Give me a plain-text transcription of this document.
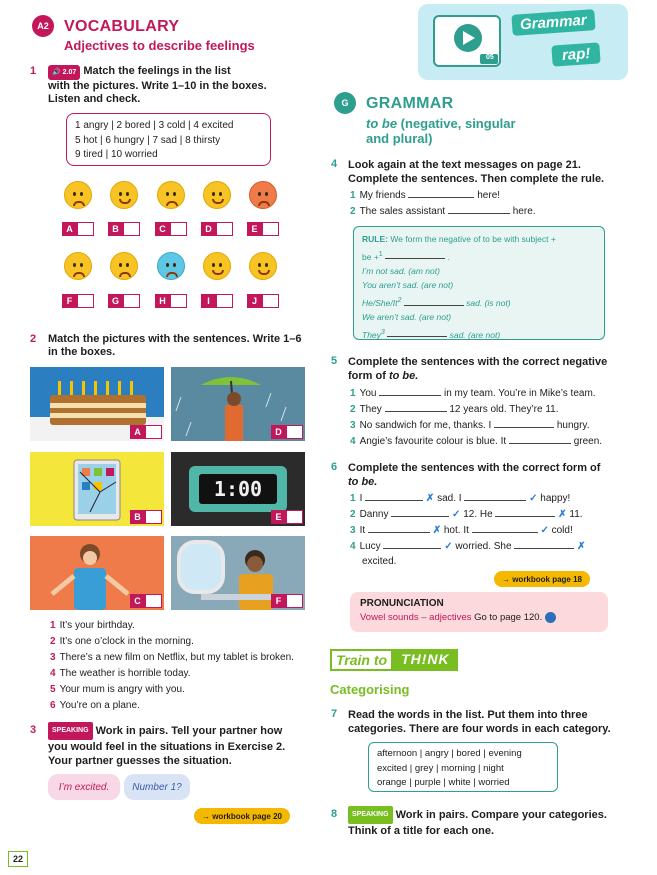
A2 VOCABULARY
Adjectives to describe feelings
1	🔊 2.07 Match the feelings in the list
with the pictures. Write 1–10 in the boxes.
Listen and check.
1 angry | 2 bored | 3 cold | 4 excited
5 hot | 6 hungry | 7 sad | 8 thirsty
9 tired | 10 worried
A	B	C	D	E
F	G	H	I	J
2 Match the pictures with the sentences. Write 1–6
in the boxes.
A	D
B
1:00
E
C	F
1 It’s your birthday.
2 It’s one o’clock in the morning.
3 There’s a new film on Netflix, but my tablet is broken.
4 The weather is horrible today.
5 Your mum is angry with you.
6 You’re on a plane.
3	SPEAKING Work in pairs. Tell your partner how
you would feel in the situations in Exercise 2.
Your partner guesses the situation.
I’m excited.	Number 1?
→ workbook page 20
22
05
Grammar
rap!
G	GRAMMAR
to be (negative, singular
and plural)
4 Look again at the text messages on page 21.
Complete the sentences. Then complete the rule.
1 My friends	here!
2 The sales assistant	here.
RULE: We form the negative of to be with subject +
be +$^1$	.
I’m not sad. (am not)
You aren’t sad. (are not)
He/She/It$^2$	sad. (is not)
We aren’t sad. (are not)
They$^3$	sad. (are not)
5 Complete the sentences with the correct negative
form of to be.
1 You	in my team. You’re in Mike’s team.
2 They	12 years old. They’re 11.
3 No sandwich for me, thanks. I	hungry.
4 Angie’s favourite colour is blue. It	green.
6 Complete the sentences with the correct form of
to be.
1 I	✗ sad. I	✓ happy!
2 Danny	✓ 12. He	✗ 11.
3 It	✗ hot. It	✓ cold!
4 Lucy	✓ worried. She	✗
excited.
→ workbook page 18
PRONUNCIATION
Vowel sounds – adjectives Go to page 120.
Train to	TH!NK
Categorising
7 Read the words in the list. Put them into three
categories. There are four words in each category.
afternoon | angry | bored | evening
excited | grey | morning | night
orange | purple | white | worried
8	SPEAKING Work in pairs. Compare your categories.
Think of a title for each one.
